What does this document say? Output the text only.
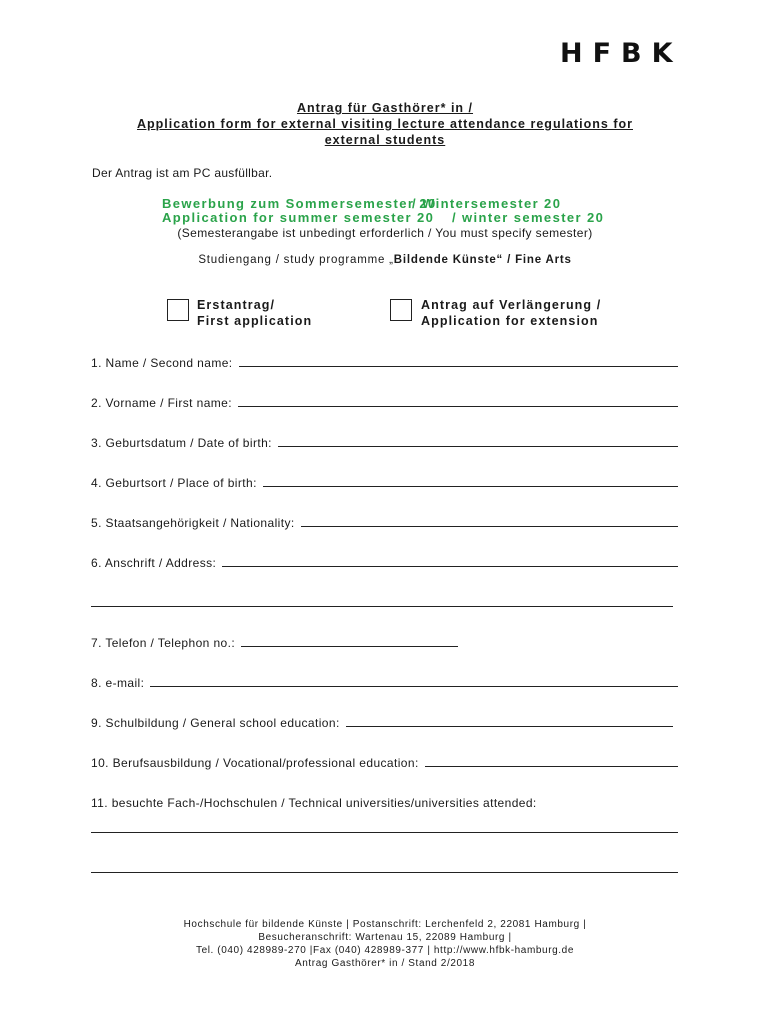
HFBK
Antrag für Gasthörer* in /
Application form for external visiting lecture attendance regulations for
external students
Der Antrag ist am PC ausfüllbar.
Bewerbung zum Sommersemester 20
/ Wintersemester 20
Application for summer semester 20 / winter semester 20
(Semesterangabe ist unbedingt erforderlich / You must specify semester)
Studiengang / study programme „Bildende Künste“ / Fine Arts
Erstantrag/
First application
Antrag auf Verlängerung /
Application for extension
1. Name / Second name:
2. Vorname / First name:
3. Geburtsdatum / Date of birth:
4. Geburtsort / Place of birth:
5. Staatsangehörigkeit / Nationality:
6. Anschrift / Address:
7. Telefon / Telephon no.:
8. e-mail:
9. Schulbildung / General school education:
10. Berufsausbildung / Vocational/professional education:
11. besuchte Fach-/Hochschulen / Technical universities/universities attended:
Hochschule für bildende Künste | Postanschrift: Lerchenfeld 2, 22081 Hamburg |
Besucheranschrift: Wartenau 15, 22089 Hamburg |
Tel. (040) 428989-270 |Fax (040) 428989-377 | http://www.hfbk-hamburg.de
Antrag Gasthörer* in / Stand 2/2018
